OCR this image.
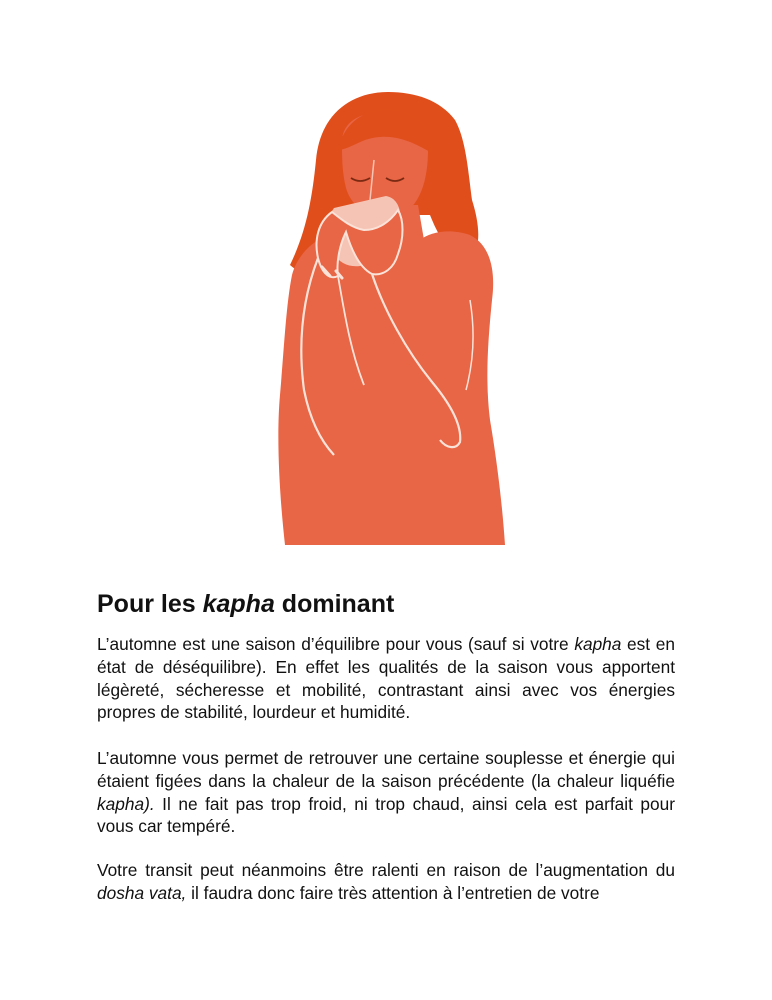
Pour les kapha dominant

L’automne est une saison d’équilibre pour vous (sauf si votre kapha est en état de déséquilibre). En effet les qualités de la saison vous apportent légèreté, sécheresse et mobilité, contrastant ainsi avec vos énergies propres de stabilité, lourdeur et humidité.

L’automne vous permet de retrouver une certaine souplesse et énergie qui étaient figées dans la chaleur de la saison précédente (la chaleur liquéfie kapha). Il ne fait pas trop froid, ni trop chaud, ainsi cela est parfait pour vous car tempéré.

Votre transit peut néanmoins être ralenti en raison de l’augmentation du dosha vata, il faudra donc faire très attention à l’entretien de votre
